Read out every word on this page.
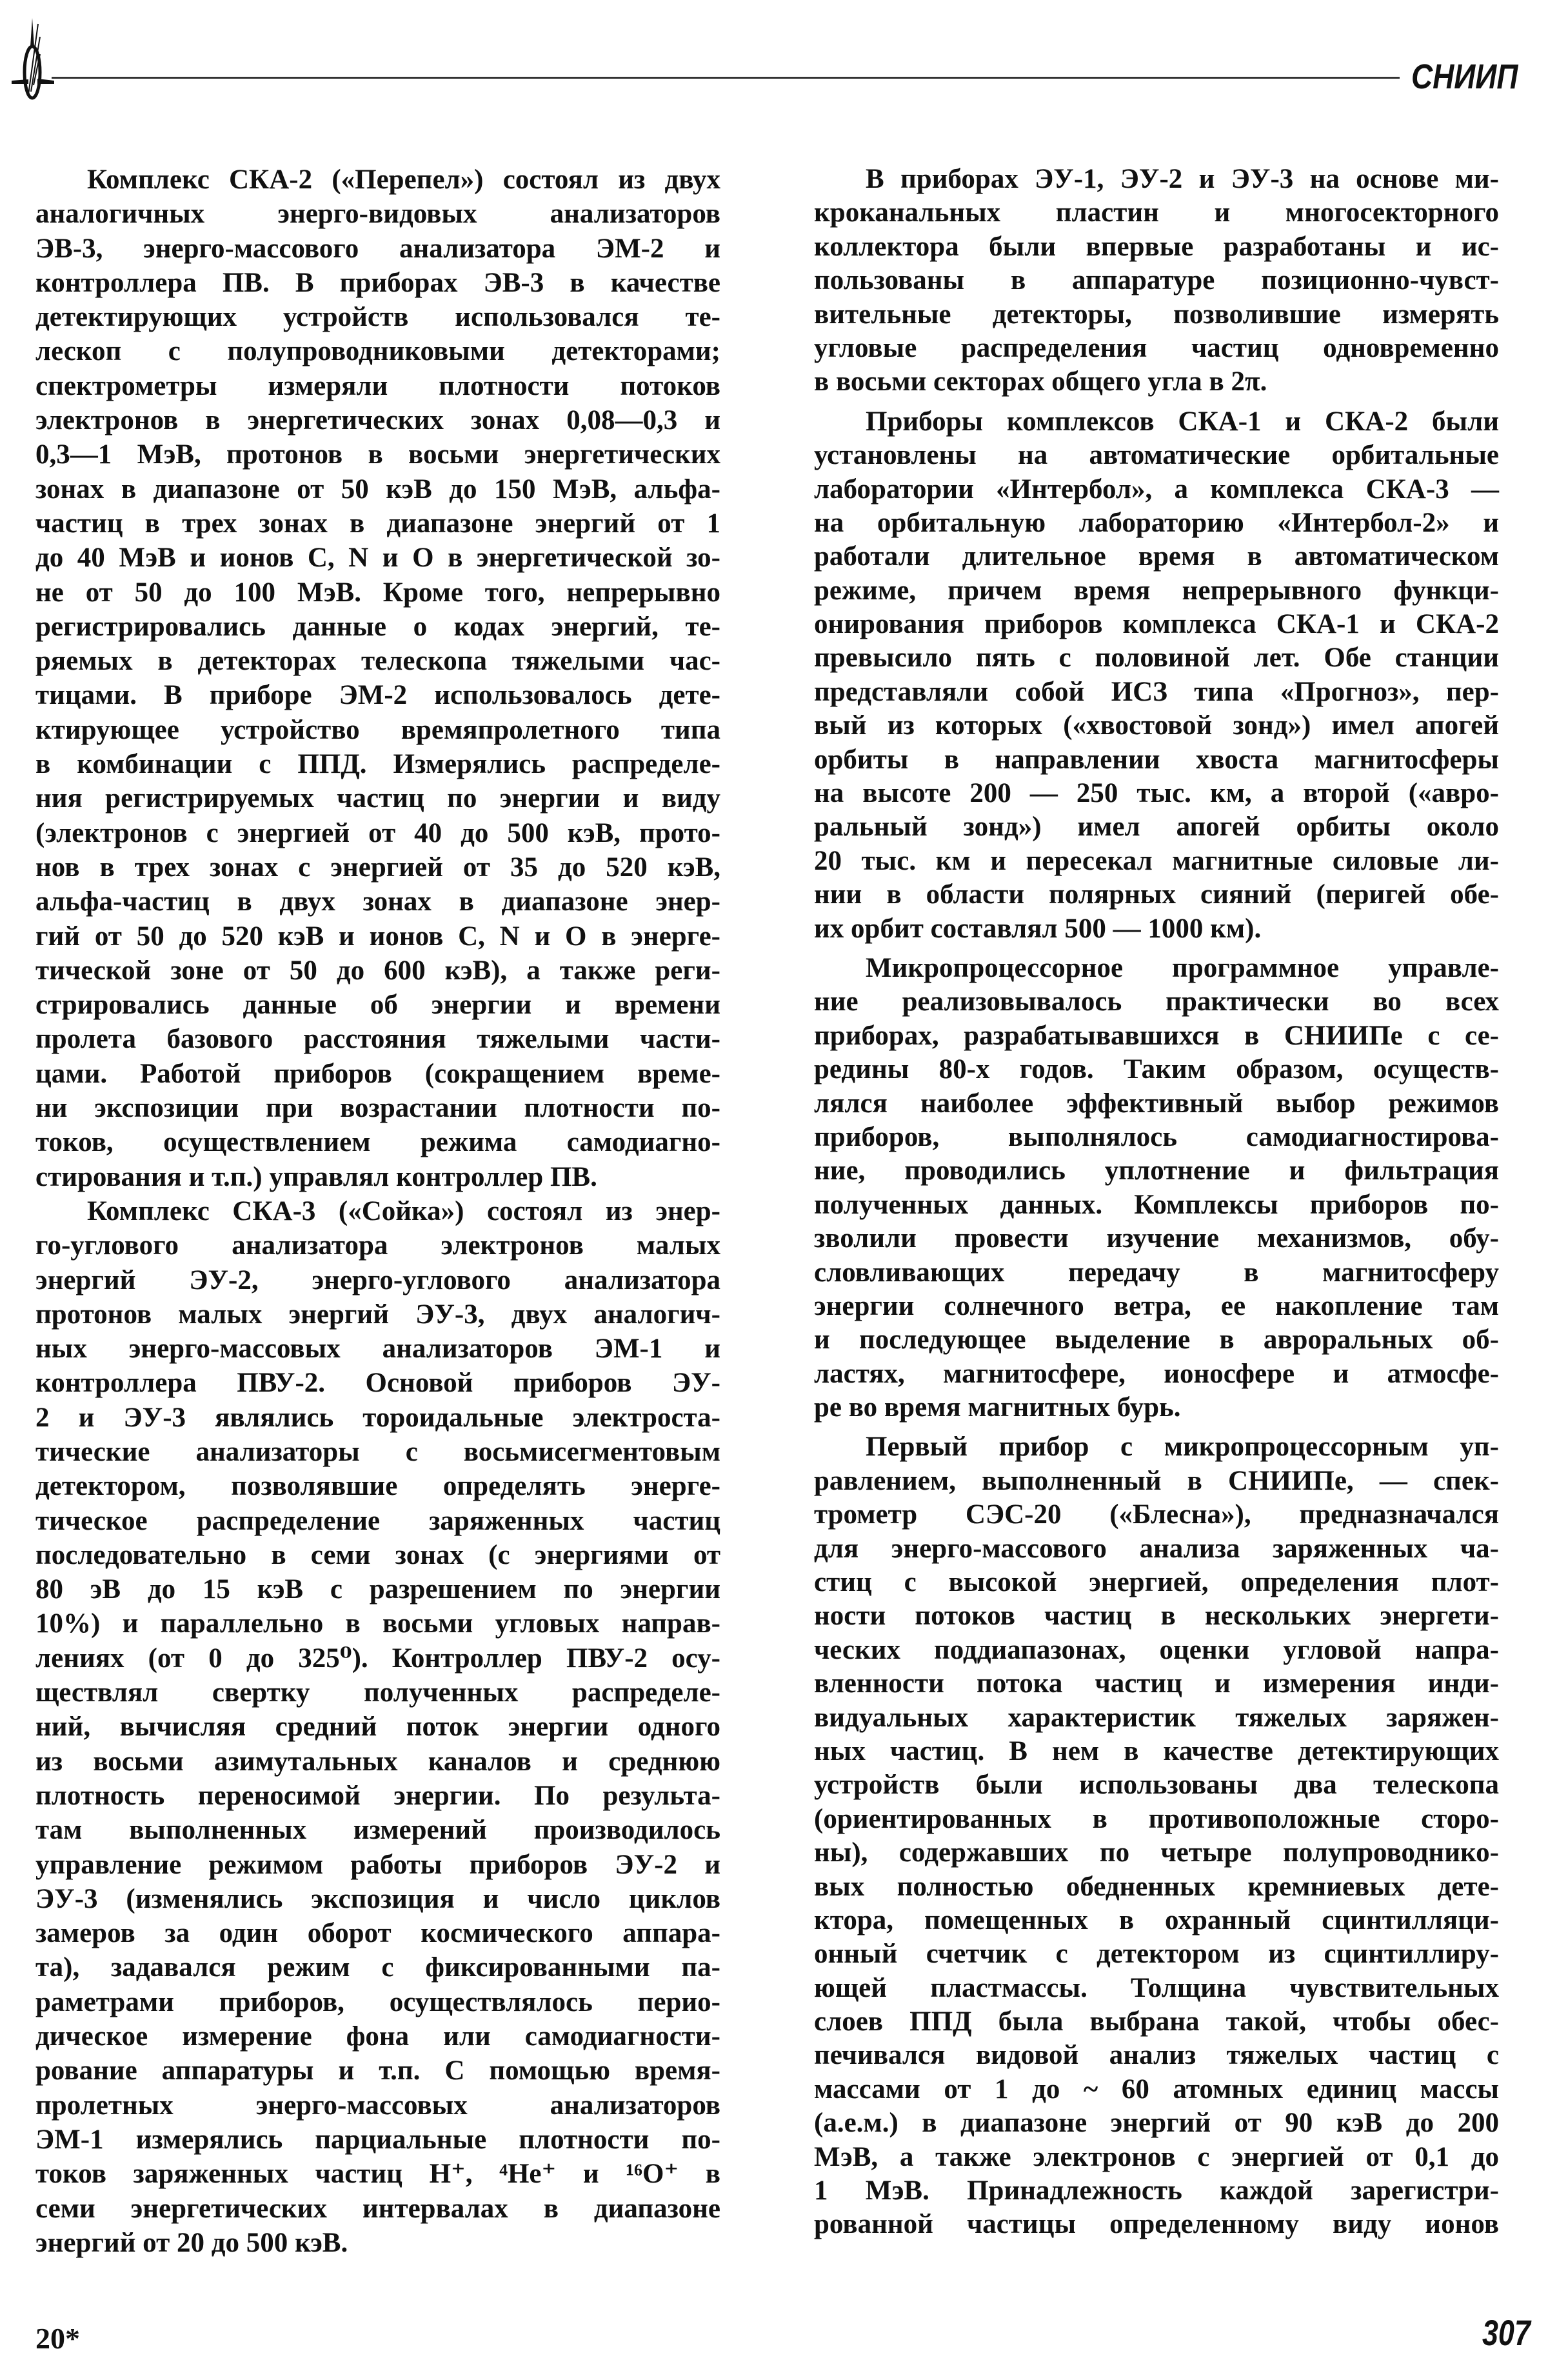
СНИИП
Комплекс СКА-2 («Перепел») состоял из двух
аналогичных энерго-видовых анализаторов
ЭВ-3, энерго-массового анализатора ЭМ-2 и
контроллера ПВ. В приборах ЭВ-3 в качестве
детектирующих устройств использовался те-
лескоп с полупроводниковыми детекторами;
спектрометры измеряли плотности потоков
электронов в энергетических зонах 0,08—0,3 и
0,3—1 МэВ, протонов в восьми энергетических
зонах в диапазоне от 50 кэВ до 150 МэВ, альфа-
частиц в трех зонах в диапазоне энергий от 1
до 40 МэВ и ионов С, N и О в энергетической зо-
не от 50 до 100 МэВ. Кроме того, непрерывно
регистрировались данные о кодах энергий, те-
ряемых в детекторах телескопа тяжелыми час-
тицами. В приборе ЭМ-2 использовалось дете-
ктирующее устройство времяпролетного типа
в комбинации с ППД. Измерялись распределе-
ния регистрируемых частиц по энергии и виду
(электронов с энергией от 40 до 500 кэВ, прото-
нов в трех зонах с энергией от 35 до 520 кэВ,
альфа-частиц в двух зонах в диапазоне энер-
гий от 50 до 520 кэВ и ионов С, N и О в энерге-
тической зоне от 50 до 600 кэВ), а также реги-
стрировались данные об энергии и времени
пролета базового расстояния тяжелыми части-
цами. Работой приборов (сокращением време-
ни экспозиции при возрастании плотности по-
токов, осуществлением режима самодиагно-
стирования и т.п.) управлял контроллер ПВ.
Комплекс СКА-3 («Сойка») состоял из энер-
го-углового анализатора электронов малых
энергий ЭУ-2, энерго-углового анализатора
протонов малых энергий ЭУ-3, двух аналогич-
ных энерго-массовых анализаторов ЭМ-1 и
контроллера ПВУ-2. Основой приборов ЭУ-
2 и ЭУ-3 являлись тороидальные электроста-
тические анализаторы с восьмисегментовым
детектором, позволявшие определять энерге-
тическое распределение заряженных частиц
последовательно в семи зонах (с энергиями от
80 эВ до 15 кэВ с разрешением по энергии
10%) и параллельно в восьми угловых направ-
лениях (от 0 до 325⁰). Контроллер ПВУ-2 осу-
ществлял свертку полученных распределе-
ний, вычисляя средний поток энергии одного
из восьми азимутальных каналов и среднюю
плотность переносимой энергии. По результа-
там выполненных измерений производилось
управление режимом работы приборов ЭУ-2 и
ЭУ-3 (изменялись экспозиция и число циклов
замеров за один оборот космического аппара-
та), задавался режим с фиксированными па-
раметрами приборов, осуществлялось перио-
дическое измерение фона или самодиагности-
рование аппаратуры и т.п. С помощью время-
пролетных энерго-массовых анализаторов
ЭМ-1 измерялись парциальные плотности по-
токов заряженных частиц H⁺, ⁴He⁺ и ¹⁶O⁺ в
семи энергетических интервалах в диапазоне
энергий от 20 до 500 кэВ.
В приборах ЭУ-1, ЭУ-2 и ЭУ-3 на основе ми-
кроканальных пластин и многосекторного
коллектора были впервые разработаны и ис-
пользованы в аппаратуре позиционно-чувст-
вительные детекторы, позволившие измерять
угловые распределения частиц одновременно
в восьми секторах общего угла в 2π.
Приборы комплексов СКА-1 и СКА-2 были
установлены на автоматические орбитальные
лаборатории «Интербол», а комплекса СКА-3 —
на орбитальную лабораторию «Интербол-2» и
работали длительное время в автоматическом
режиме, причем время непрерывного функци-
онирования приборов комплекса СКА-1 и СКА-2
превысило пять с половиной лет. Обе станции
представляли собой ИСЗ типа «Прогноз», пер-
вый из которых («хвостовой зонд») имел апогей
орбиты в направлении хвоста магнитосферы
на высоте 200 — 250 тыс. км, а второй («авро-
ральный зонд») имел апогей орбиты около
20 тыс. км и пересекал магнитные силовые ли-
нии в области полярных сияний (перигей обе-
их орбит составлял 500 — 1000 км).
Микропроцессорное программное управле-
ние реализовывалось практически во всех
приборах, разрабатывавшихся в СНИИПе с се-
редины 80-х годов. Таким образом, осуществ-
лялся наиболее эффективный выбор режимов
приборов, выполнялось самодиагностирова-
ние, проводились уплотнение и фильтрация
полученных данных. Комплексы приборов по-
зволили провести изучение механизмов, обу-
словливающих передачу в магнитосферу
энергии солнечного ветра, ее накопление там
и последующее выделение в авроральных об-
ластях, магнитосфере, ионосфере и атмосфе-
ре во время магнитных бурь.
Первый прибор с микропроцессорным уп-
равлением, выполненный в СНИИПе, — спек-
трометр СЭС-20 («Блесна»), предназначался
для энерго-массового анализа заряженных ча-
стиц с высокой энергией, определения плот-
ности потоков частиц в нескольких энергети-
ческих поддиапазонах, оценки угловой напра-
вленности потока частиц и измерения инди-
видуальных характеристик тяжелых заряжен-
ных частиц. В нем в качестве детектирующих
устройств были использованы два телескопа
(ориентированных в противоположные сторо-
ны), содержавших по четыре полупроводнико-
вых полностью обедненных кремниевых дете-
ктора, помещенных в охранный сцинтилляци-
онный счетчик с детектором из сцинтиллиру-
ющей пластмассы. Толщина чувствительных
слоев ППД была выбрана такой, чтобы обес-
печивался видовой анализ тяжелых частиц с
массами от 1 до ~ 60 атомных единиц массы
(а.е.м.) в диапазоне энергий от 90 кэВ до 200
МэВ, а также электронов с энергией от 0,1 до
1 МэВ. Принадлежность каждой зарегистри-
рованной частицы определенному виду ионов
20*	307
